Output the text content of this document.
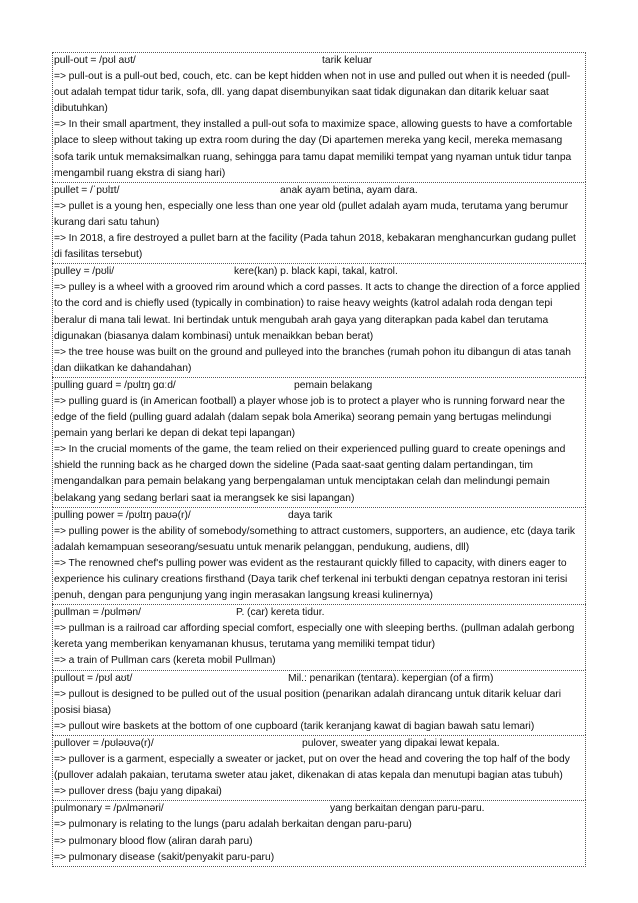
pull-out = /pʊl aʊt/	tarik keluar
=> pull-out is a pull-out bed, couch, etc. can be kept hidden when not in use and pulled out when it is needed (pull-out adalah tempat tidur tarik, sofa, dll. yang dapat disembunyikan saat tidak digunakan dan ditarik keluar saat dibutuhkan)
=> In their small apartment, they installed a pull-out sofa to maximize space, allowing guests to have a comfortable place to sleep without taking up extra room during the day (Di apartemen mereka yang kecil, mereka memasang sofa tarik untuk memaksimalkan ruang, sehingga para tamu dapat memiliki tempat yang nyaman untuk tidur tanpa mengambil ruang ekstra di siang hari)
pullet = /ˈpʊlɪt/	anak ayam betina, ayam dara.
=> pullet is a young hen, especially one less than one year old (pullet adalah ayam muda, terutama yang berumur kurang dari satu tahun)
=> In 2018, a fire destroyed a pullet barn at the facility (Pada tahun 2018, kebakaran menghancurkan gudang pullet di fasilitas tersebut)
pulley = /pʊli/	kere(kan) p. black kapi, takal, katrol.
=> pulley is a wheel with a grooved rim around which a cord passes. It acts to change the direction of a force applied to the cord and is chiefly used (typically in combination) to raise heavy weights (katrol adalah roda dengan tepi beralur di mana tali lewat. Ini bertindak untuk mengubah arah gaya yang diterapkan pada kabel dan terutama digunakan (biasanya dalam kombinasi) untuk menaikkan beban berat)
=> the tree house was built on the ground and pulleyed into the branches (rumah pohon itu dibangun di atas tanah dan diikatkan ke dahandahan)
pulling guard = /pʊlɪŋ gɑːd/	pemain belakang
=> pulling guard is (in American football) a player whose job is to protect a player who is running forward near the edge of the field (pulling guard adalah (dalam sepak bola Amerika) seorang pemain yang bertugas melindungi pemain yang berlari ke depan di dekat tepi lapangan)
=> In the crucial moments of the game, the team relied on their experienced pulling guard to create openings and shield the running back as he charged down the sideline (Pada saat-saat genting dalam pertandingan, tim mengandalkan para pemain belakang yang berpengalaman untuk menciptakan celah dan melindungi pemain belakang yang sedang berlari saat ia merangsek ke sisi lapangan)
pulling power = /pʊlɪŋ paʊə(r)/	daya tarik
=> pulling power is the ability of somebody/something to attract customers, supporters, an audience, etc (daya tarik adalah kemampuan seseorang/sesuatu untuk menarik pelanggan, pendukung, audiens, dll)
=> The renowned chef's pulling power was evident as the restaurant quickly filled to capacity, with diners eager to experience his culinary creations firsthand (Daya tarik chef terkenal ini terbukti dengan cepatnya restoran ini terisi penuh, dengan para pengunjung yang ingin merasakan langsung kreasi kulinernya)
pullman = /pʊlmən/	P. (car) kereta tidur.
=> pullman is a railroad car affording special comfort, especially one with sleeping berths. (pullman adalah gerbong kereta yang memberikan kenyamanan khusus, terutama yang memiliki tempat tidur)
=> a train of Pullman cars (kereta mobil Pullman)
pullout = /pʊl aʊt/	Mil.: penarikan (tentara). kepergian (of a firm)
=> pullout is designed to be pulled out of the usual position (penarikan adalah dirancang untuk ditarik keluar dari posisi biasa)
=> pullout wire baskets at the bottom of one cupboard (tarik keranjang kawat di bagian bawah satu lemari)
pullover = /pʊləʊvə(r)/	pulover, sweater yang dipakai lewat kepala.
=> pullover is a garment, especially a sweater or jacket, put on over the head and covering the top half of the body (pullover adalah pakaian, terutama sweter atau jaket, dikenakan di atas kepala dan menutupi bagian atas tubuh)
=> pullover dress (baju yang dipakai)
pulmonary = /pʌlmənəri/	yang berkaitan dengan paru-paru.
=> pulmonary is relating to the lungs (paru adalah berkaitan dengan paru-paru)
=> pulmonary blood flow (aliran darah paru)
=> pulmonary disease (sakit/penyakit paru-paru)
